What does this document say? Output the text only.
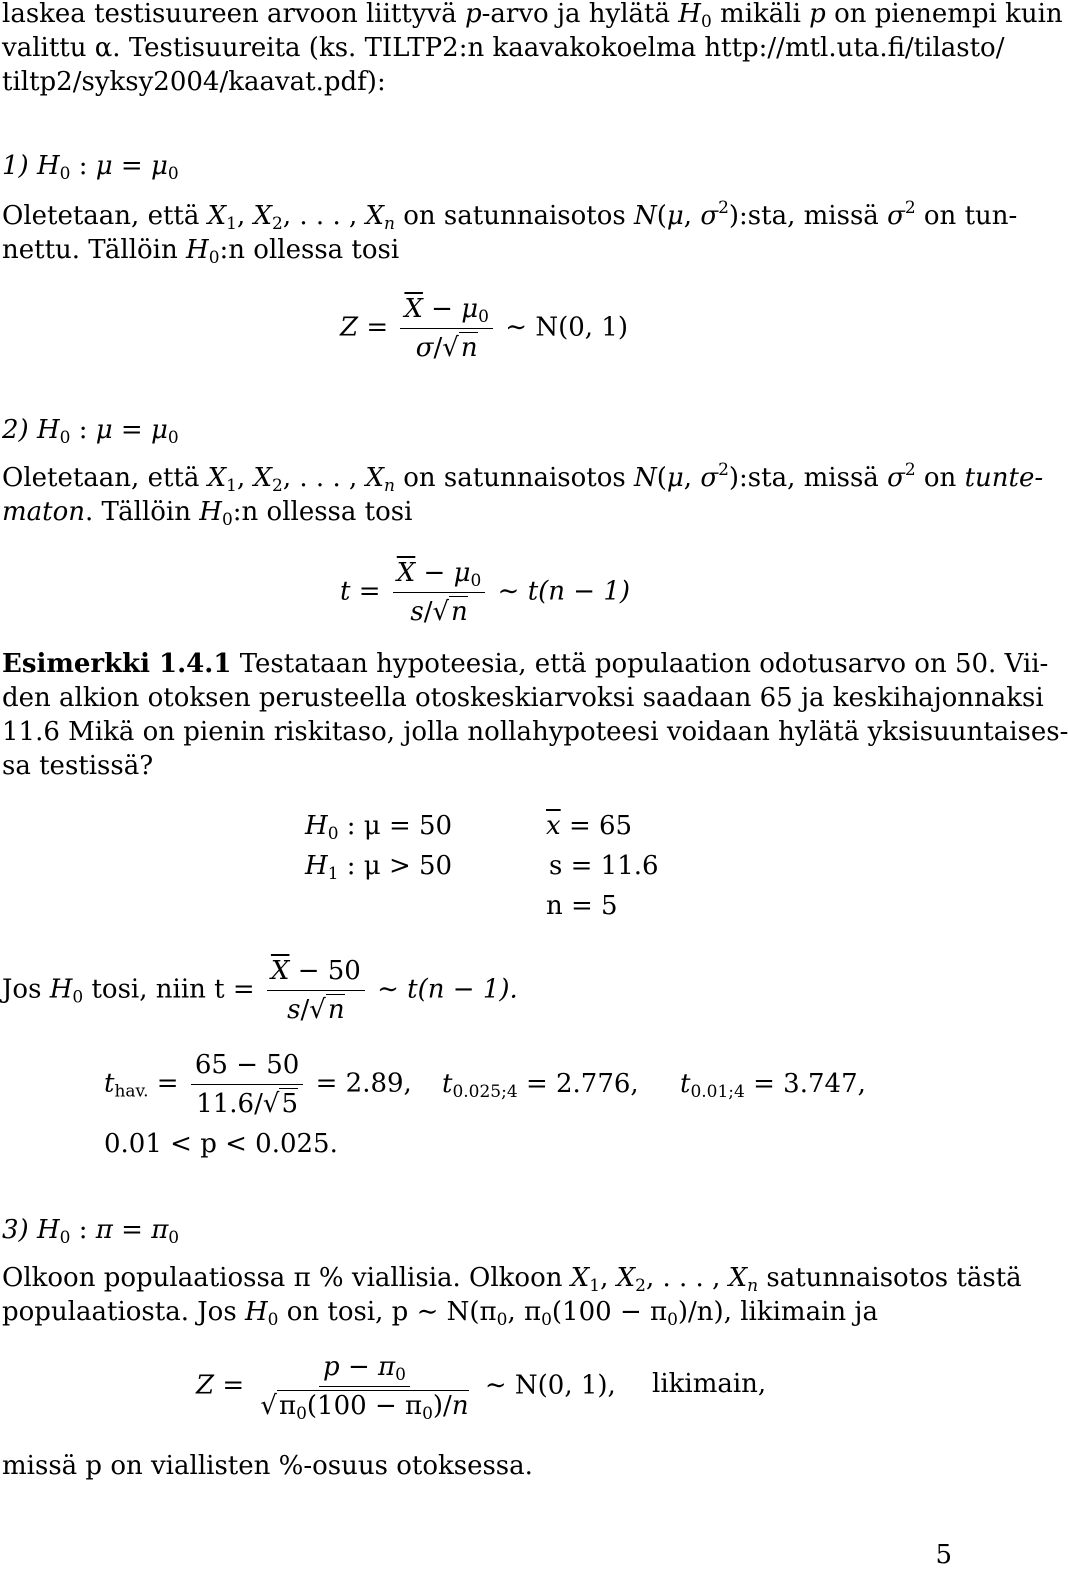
laskea testisuureen arvoon liittyvä p-arvo ja hylätä $H_0$ mikäli p on pienempi kuin
valittu α. Testisuureita (ks. TILTP2:n kaavakokoelma http://mtl.uta.fi/tilasto/
tiltp2/syksy2004/kaavat.pdf):
1) $H_0$ : $\mu = \mu_0$
Oletetaan, että $X_1$, $X_2$, . . . , $X_n$ on satunnaisotos N(μ, $\sigma^2):sta$, missä $\sigma^2$ on tun-
nettu. Tällöin $H_0:n$ ollessa tosi
$Z = \frac{\overline{X} - \mu_0}{\sigma/√n}$ ∼ N(0, 1)
2) $H_0$ : $\mu = \mu_0$
Oletetaan, että $X_1$, $X_2$, . . . , $X_n$ on satunnaisotos N(μ, $\sigma^2):sta$, missä $\sigma^2$ on tunte-
maton. Tällöin $H_0:n$ ollessa tosi
$t = \frac{\overline{X} - \mu_0}{s/√n}$ ∼ t(n − 1)
Esimerkki 1.4.1 Testataan hypoteesia, että populaation odotusarvo on 50. Vii-
den alkion otoksen perusteella otoskeskiarvoksi saadaan 65 ja keskihajonnaksi
11.6 Mikä on pienin riskitaso, jolla nollahypoteesi voidaan hylätä yksisuuntaises-
sa testissä?
$H_0$ : μ = 50
$H_1$ : μ > 50
$\overline{x} = 65$
s = 11.6
n = 5
Jos $H_0$ tosi, niin $t = \frac{\overline{X} - 50}{s/√n}$ ∼ t(n − 1).
$t_{hav.} = \frac{65 - 50}{11.6/√5} = 2.89$, $t_{0.025;4} = 2.776$, $t_{0.01;4} = 3.747$,
0.01 < p < 0.025.
3) $H_0$ : $\pi = \pi_0$
Olkoon populaatiossa π % viallisia. Olkoon $X_1$, $X_2$, . . . , $X_n$ satunnaisotos tästä
populaatiosta. Jos $H_0$ on tosi, p ∼ $N(\pi_0$, $\pi_0(100 - \pi_0)/n$), likimain ja
$Z = \frac{p - \pi_0}{√\pi_0(100 - \pi_0)/n}$ ∼ N(0, 1), likimain,
missä p on viallisten %-osuus otoksessa.
5
